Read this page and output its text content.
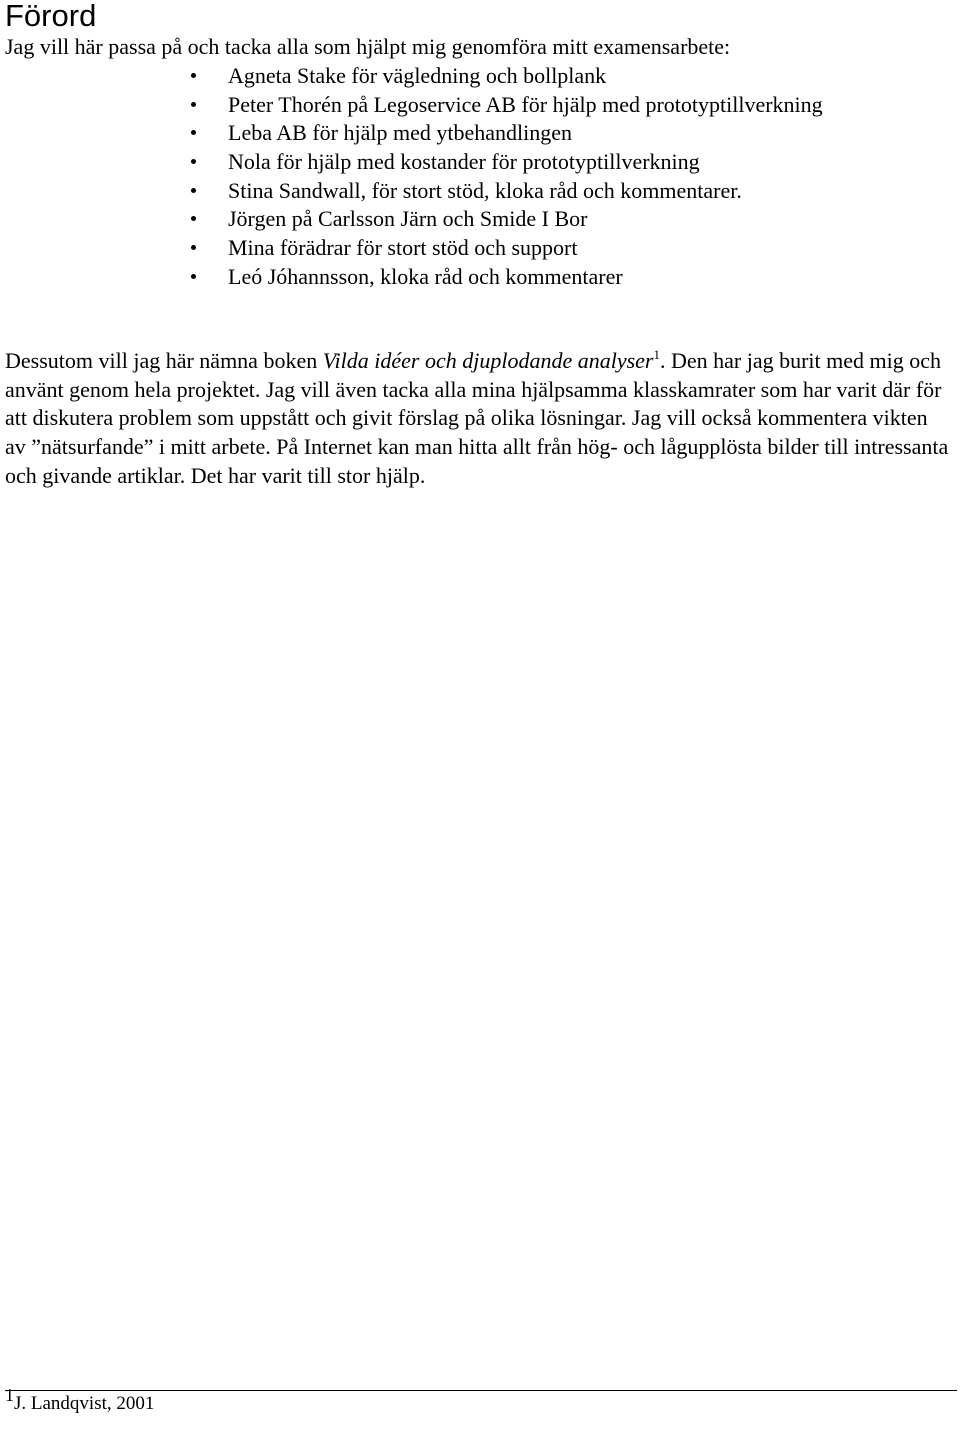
Förord

Jag vill här passa på och tacka alla som hjälpt mig genomföra mitt examensarbete:

Agneta Stake för vägledning och bollplank
Peter Thorén på Legoservice AB för hjälp med prototyptillverkning
Leba AB för hjälp med ytbehandlingen
Nola för hjälp med kostander för prototyptillverkning
Stina Sandwall, för stort stöd, kloka råd och kommentarer.
Jörgen på Carlsson Järn och Smide I Bor
Mina förädrar för stort stöd och support
Leó Jóhannsson, kloka råd och kommentarer

Dessutom vill jag här nämna boken Vilda idéer och djuplodande analyser$^1$. Den har jag burit med mig och använt genom hela projektet. Jag vill även tacka alla mina hjälpsamma klasskamrater som har varit där för att diskutera problem som uppstått och givit förslag på olika lösningar. Jag vill också kommentera vikten av ”nätsurfande” i mitt arbete. På Internet kan man hitta allt från hög- och lågupplösta bilder till intressanta och givande artiklar. Det har varit till stor hjälp.

$^1$J. Landqvist, 2001
